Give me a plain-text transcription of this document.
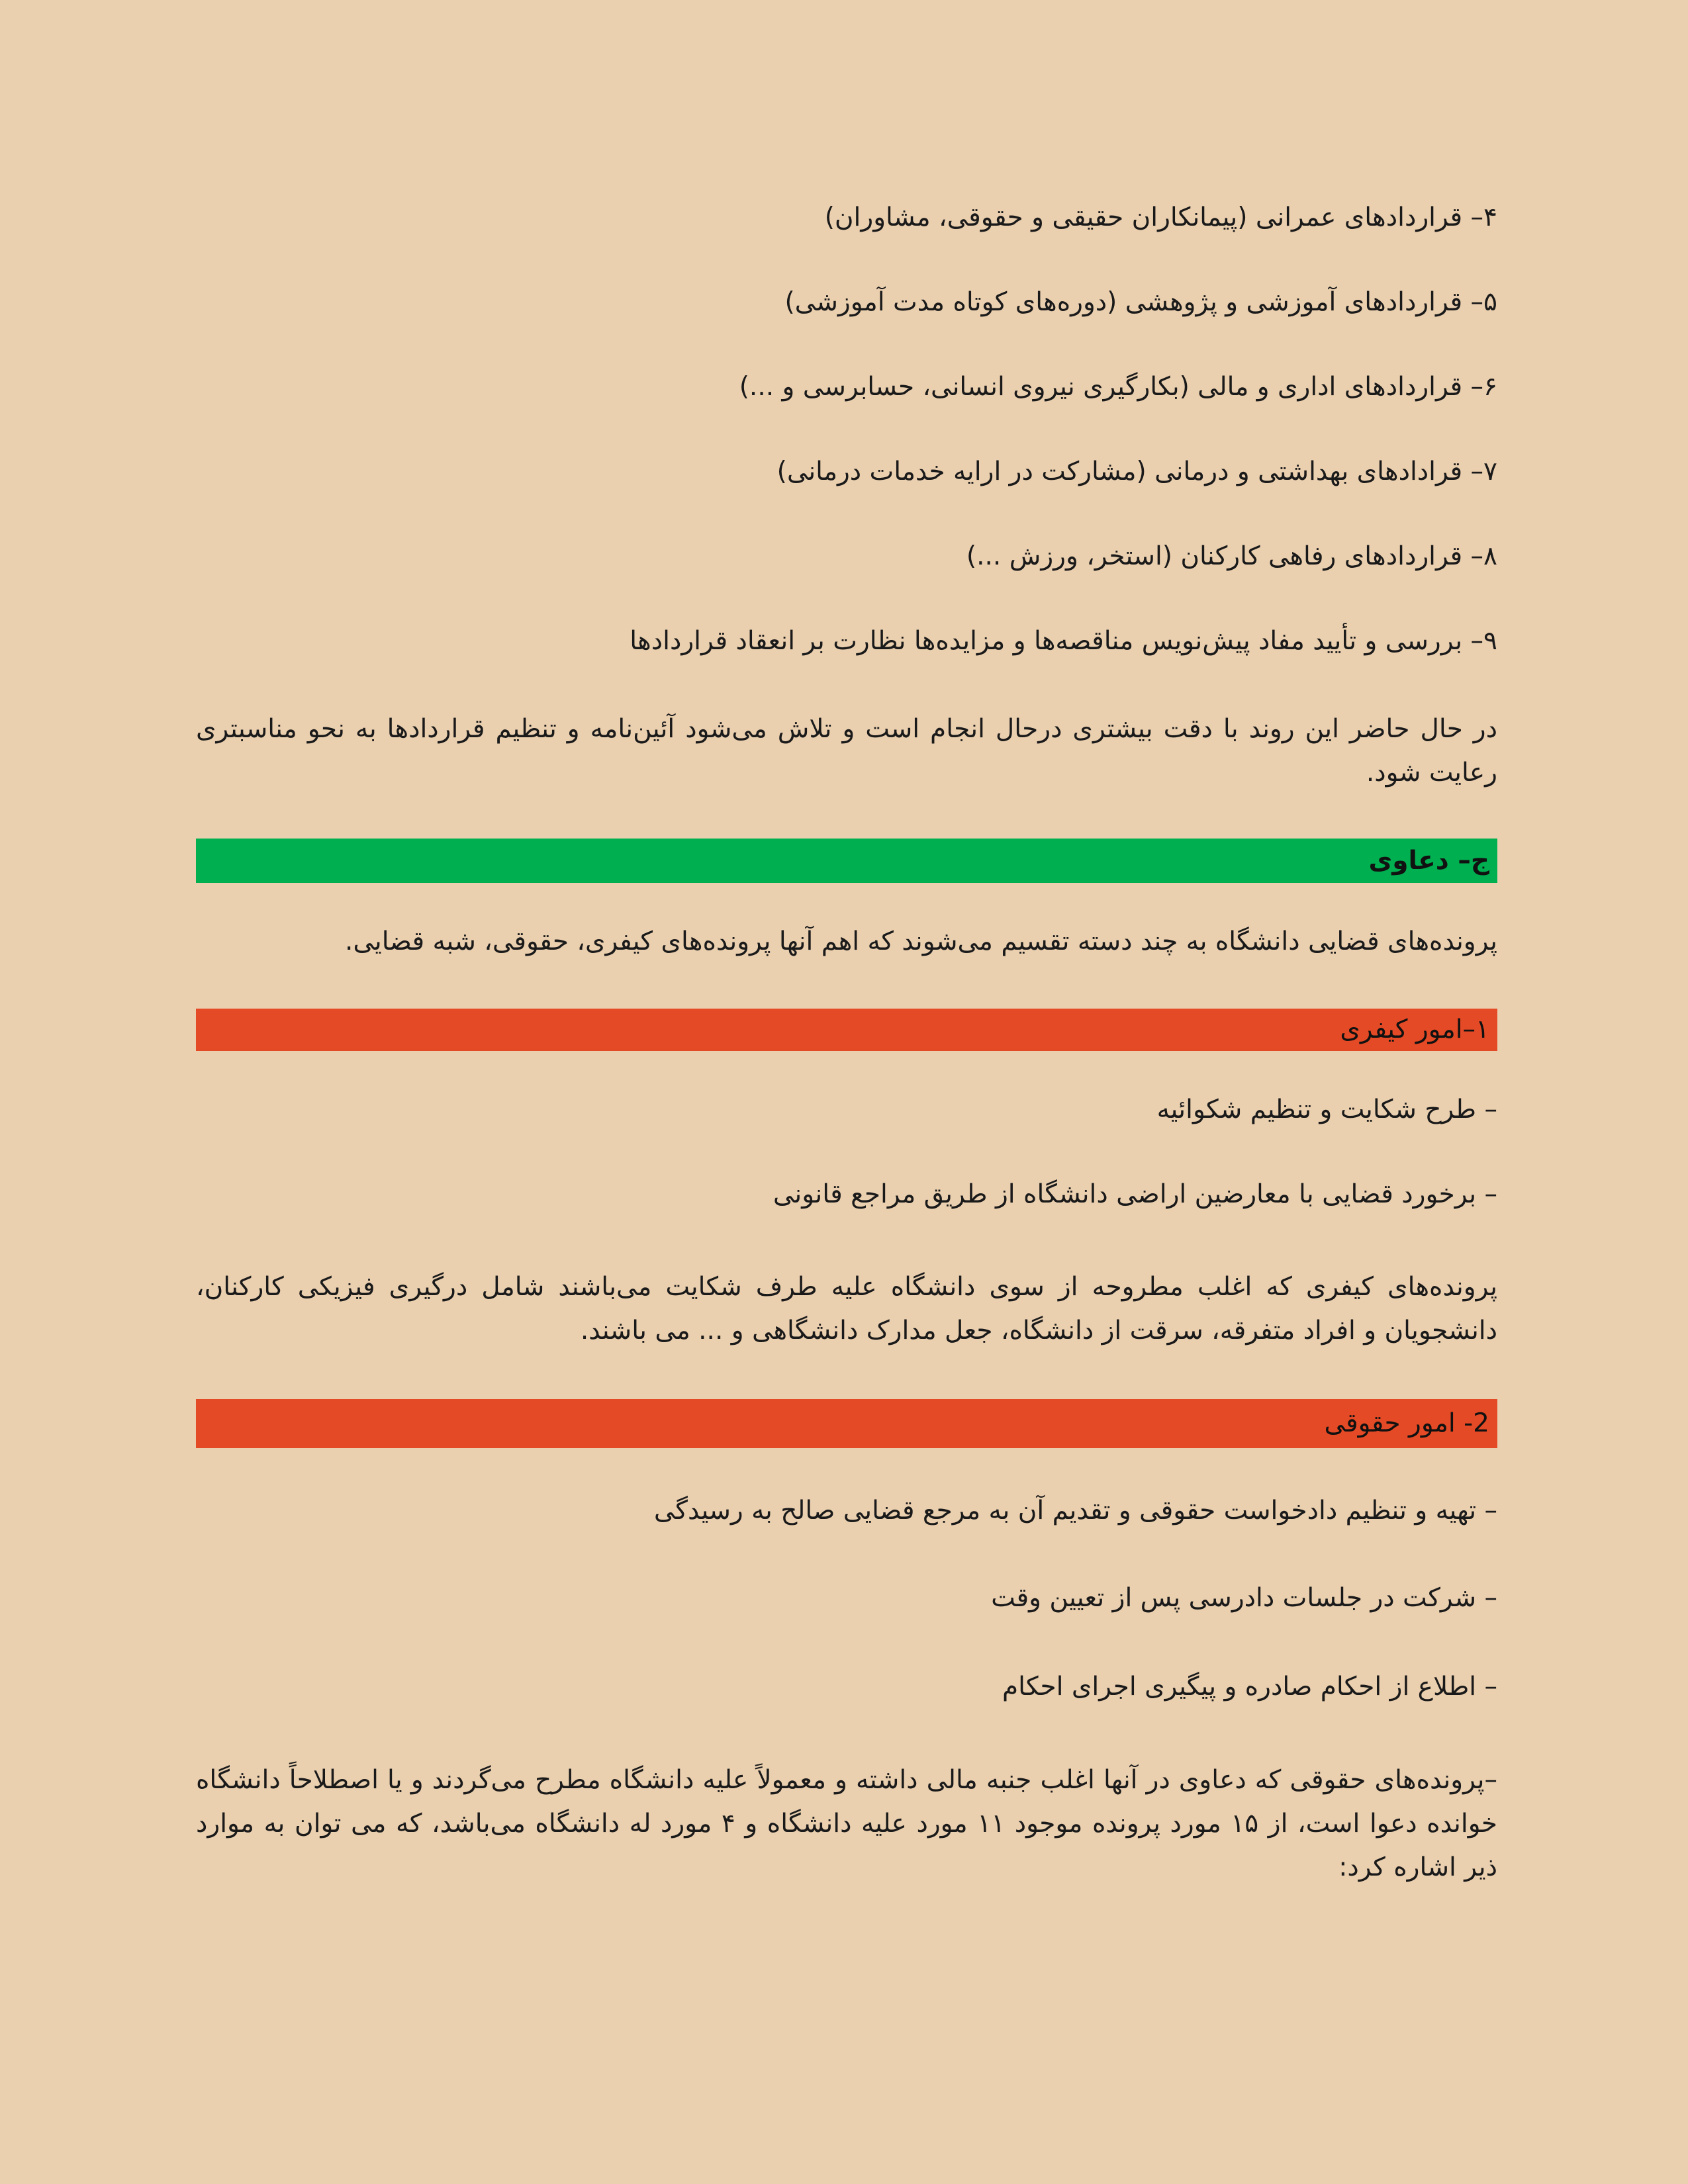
۴– قراردادهای عمرانی (پیمانکاران حقیقی و حقوقی، مشاوران)
۵– قراردادهای آموزشی و پژوهشی (دوره‌های کوتاه مدت آموزشی)
۶– قراردادهای اداری و مالی (بکارگیری نیروی انسانی، حسابرسی و ...)
۷– قرادادهای بهداشتی و درمانی (مشارکت در ارایه خدمات درمانی)
۸– قراردادهای رفاهی کارکنان (استخر، ورزش ...)
۹– بررسی و تأیید مفاد پیش‌نویس مناقصه‌ها و مزایده‌ها نظارت بر انعقاد قراردادها
در حال حاضر این روند با دقت بیشتری درحال انجام است و تلاش می‌شود آئین‌نامه و تنظیم قراردادها به نحو مناسبتری رعایت شود.
ج– دعاوی
پرونده‌های قضایی دانشگاه به چند دسته تقسیم می‌شوند که اهم آنها پرونده‌های کیفری، حقوقی، شبه قضایی.
۱–امور کیفری
– طرح شکایت و تنظیم شکوائیه
– برخورد قضایی با معارضین اراضی دانشگاه از طریق مراجع قانونی
پرونده‌های کیفری که اغلب مطروحه از سوی دانشگاه علیه طرف شکایت می‌باشند شامل درگیری فیزیکی کارکنان، دانشجویان و افراد متفرقه، سرقت از دانشگاه، جعل مدارک دانشگاهی و ... می باشند.
2- امور حقوقی
– تهیه و تنظیم دادخواست حقوقی و تقدیم آن به مرجع قضایی صالح به رسیدگی
– شرکت در جلسات دادرسی پس از تعیین وقت
– اطلاع از احکام صادره و پیگیری اجرای احکام
–پرونده‌های حقوقی که دعاوی در آنها اغلب جنبه مالی داشته و معمولاً علیه دانشگاه مطرح می‌گردند و یا اصطلاحاً دانشگاه خوانده دعوا است، از ۱۵ مورد پرونده موجود ۱۱ مورد علیه دانشگاه و ۴ مورد له دانشگاه می‌باشد، که می توان به موارد ذیر اشاره کرد:
